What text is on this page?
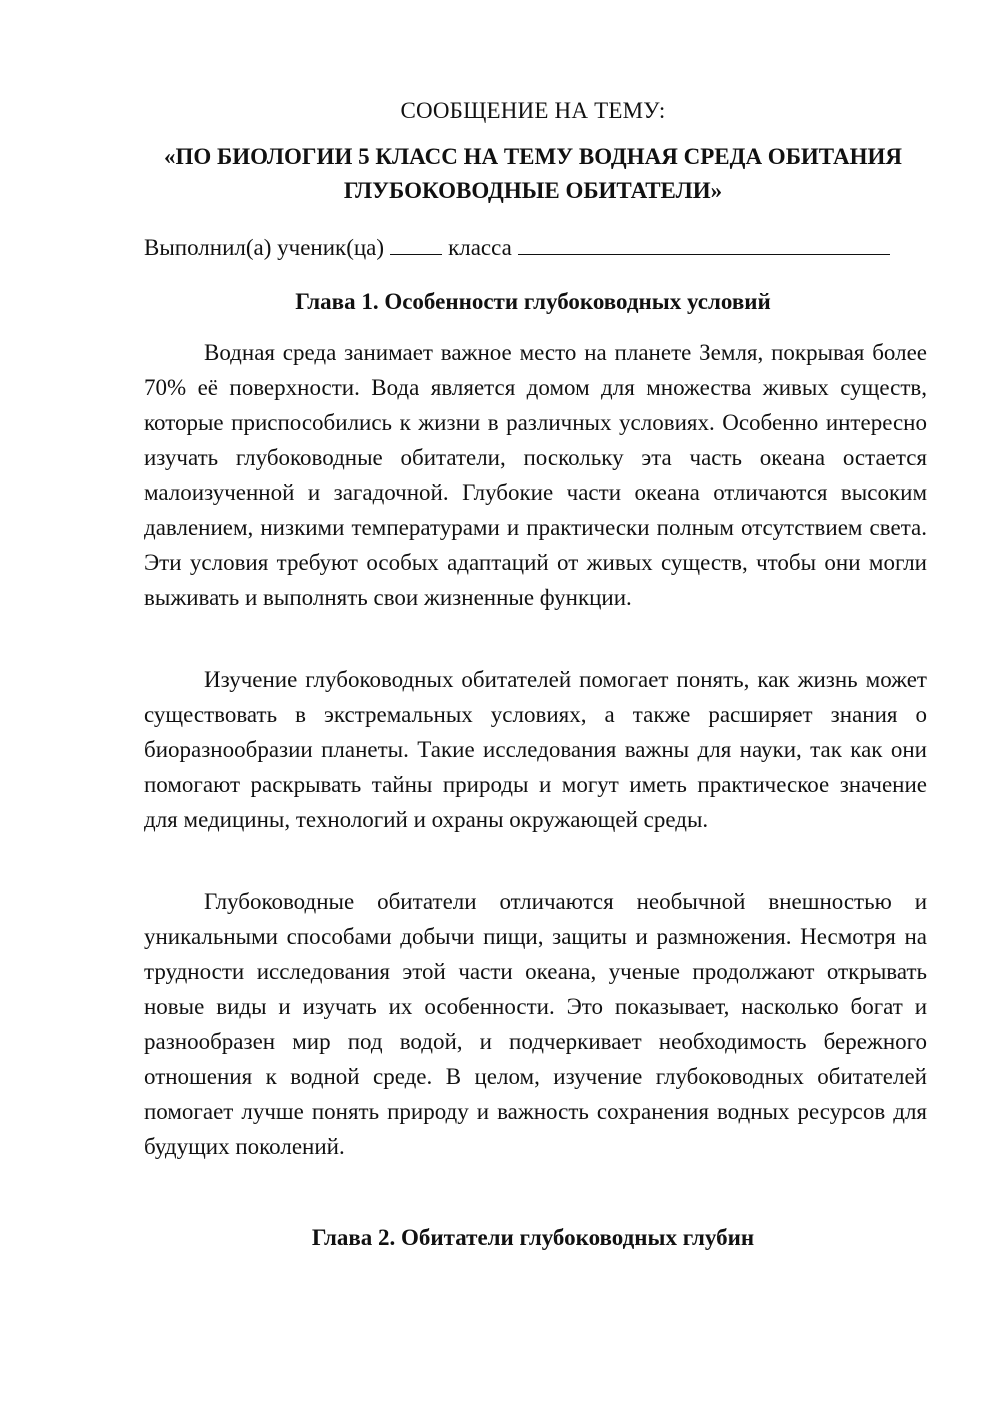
СООБЩЕНИЕ НА ТЕМУ:
«ПО БИОЛОГИИ 5 КЛАСС НА ТЕМУ ВОДНАЯ СРЕДА ОБИТАНИЯ
ГЛУБОКОВОДНЫЕ ОБИТАТЕЛИ»
Выполнил(а) ученик(ца)	класса
Глава 1. Особенности глубоководных условий

Водная среда занимает важное место на планете Земля, покрывая более 70% её поверхности. Вода является домом для множества живых существ, которые приспособились к жизни в различных условиях. Особенно интересно изучать глубоководные обитатели, поскольку эта часть океана остается малоизученной и загадочной. Глубокие части океана отличаются высоким давлением, низкими температурами и практически полным отсутствием света. Эти условия требуют особых адаптаций от живых существ, чтобы они могли выживать и выполнять свои жизненные функции.

Изучение глубоководных обитателей помогает понять, как жизнь может существовать в экстремальных условиях, а также расширяет знания о биоразнообразии планеты. Такие исследования важны для науки, так как они помогают раскрывать тайны природы и могут иметь практическое значение для медицины, технологий и охраны окружающей среды.

Глубоководные обитатели отличаются необычной внешностью и уникальными способами добычи пищи, защиты и размножения. Несмотря на трудности исследования этой части океана, ученые продолжают открывать новые виды и изучать их особенности. Это показывает, насколько богат и разнообразен мир под водой, и подчеркивает необходимость бережного отношения к водной среде. В целом, изучение глубоководных обитателей помогает лучше понять природу и важность сохранения водных ресурсов для будущих поколений.

Глава 2. Обитатели глубоководных глубин
